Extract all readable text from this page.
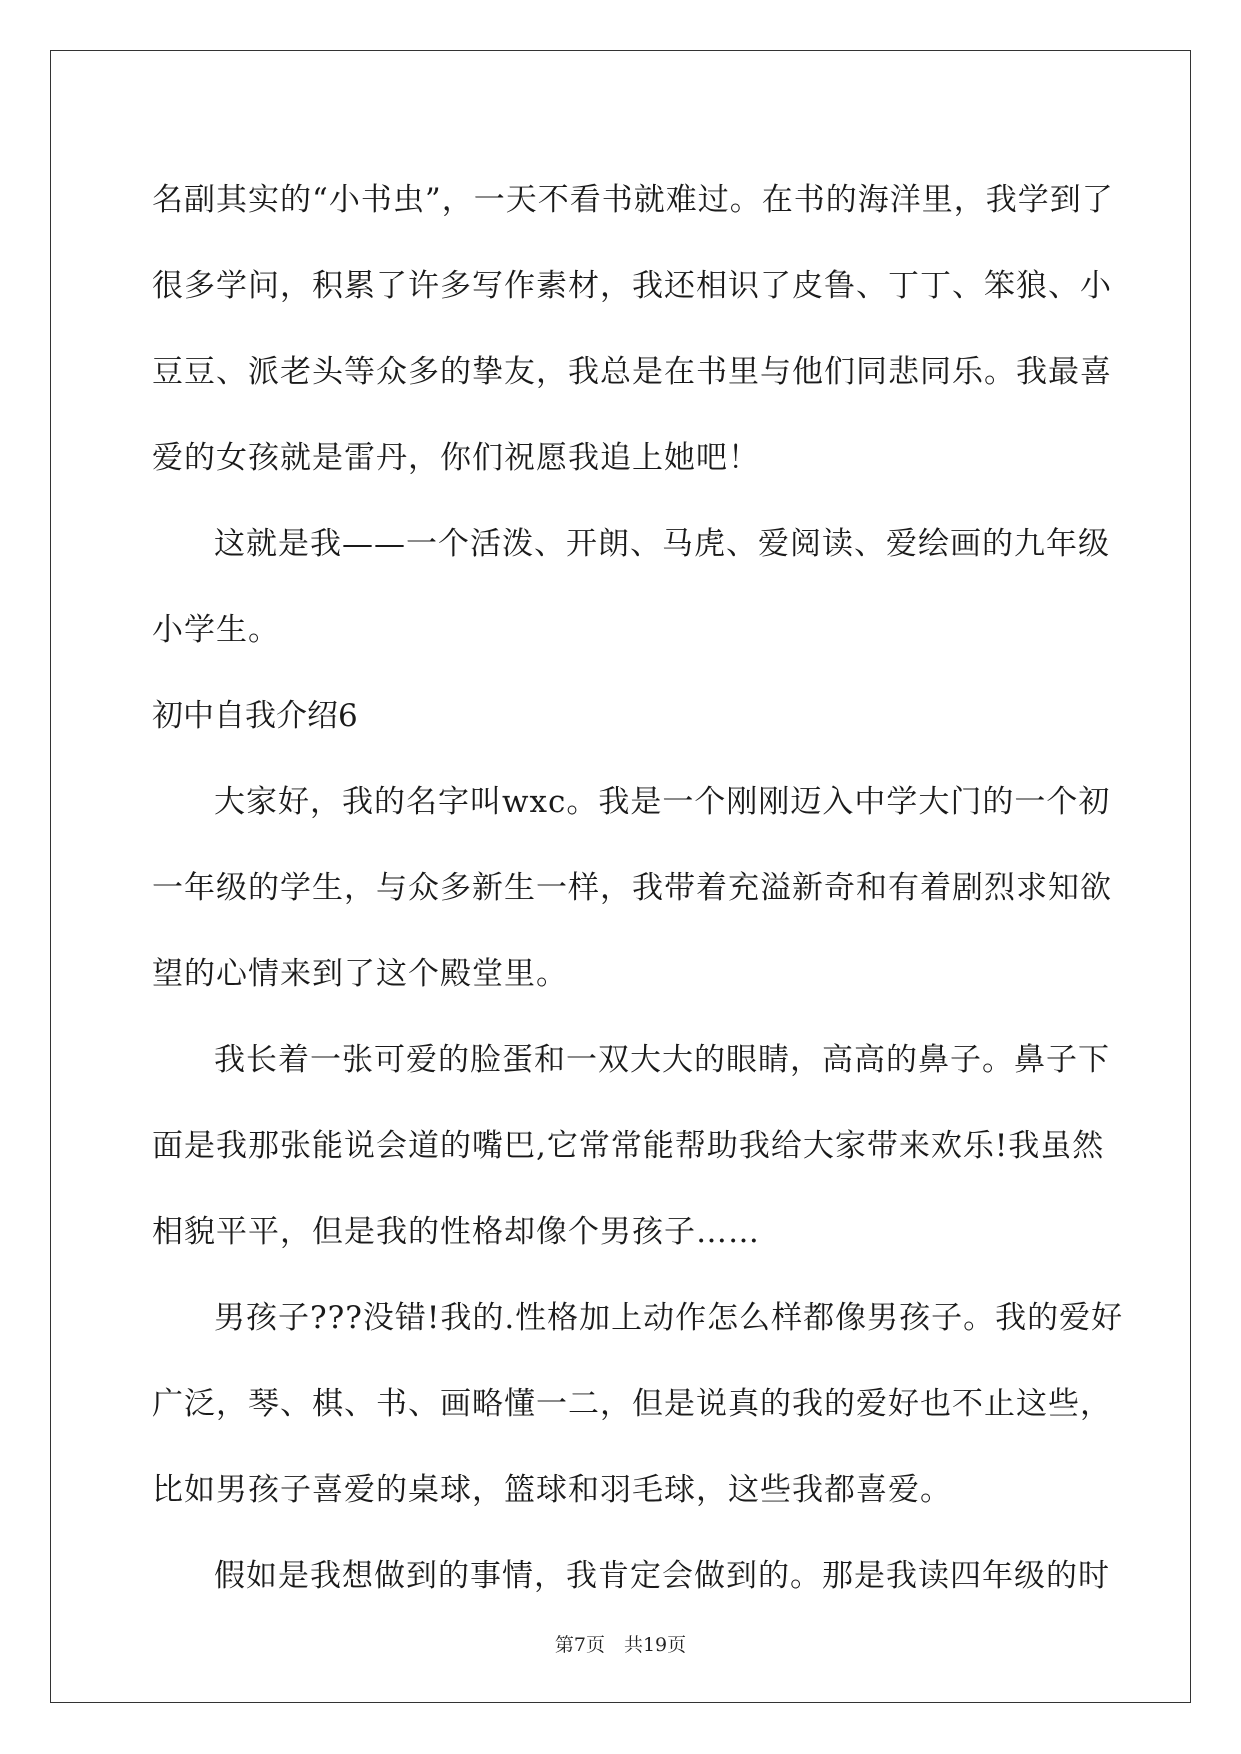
名副其实的“小书虫”，一天不看书就难过。在书的海洋里，我学到了
很多学问，积累了许多写作素材，我还相识了皮鲁、丁丁、笨狼、小
豆豆、派老头等众多的挚友，我总是在书里与他们同悲同乐。我最喜
爱的女孩就是雷丹，你们祝愿我追上她吧！
这就是我——一个活泼、开朗、马虎、爱阅读、爱绘画的九年级
小学生。
初中自我介绍6
大家好，我的名字叫wxc。我是一个刚刚迈入中学大门的一个初
一年级的学生，与众多新生一样，我带着充溢新奇和有着剧烈求知欲
望的心情来到了这个殿堂里。
我长着一张可爱的脸蛋和一双大大的眼睛，高高的鼻子。鼻子下
面是我那张能说会道的嘴巴,它常常能帮助我给大家带来欢乐!我虽然
相貌平平，但是我的性格却像个男孩子……
男孩子???没错!我的.性格加上动作怎么样都像男孩子。我的爱好
广泛，琴、棋、书、画略懂一二，但是说真的我的爱好也不止这些，
比如男孩子喜爱的桌球，篮球和羽毛球，这些我都喜爱。
假如是我想做到的事情，我肯定会做到的。那是我读四年级的时
第7页　共19页
